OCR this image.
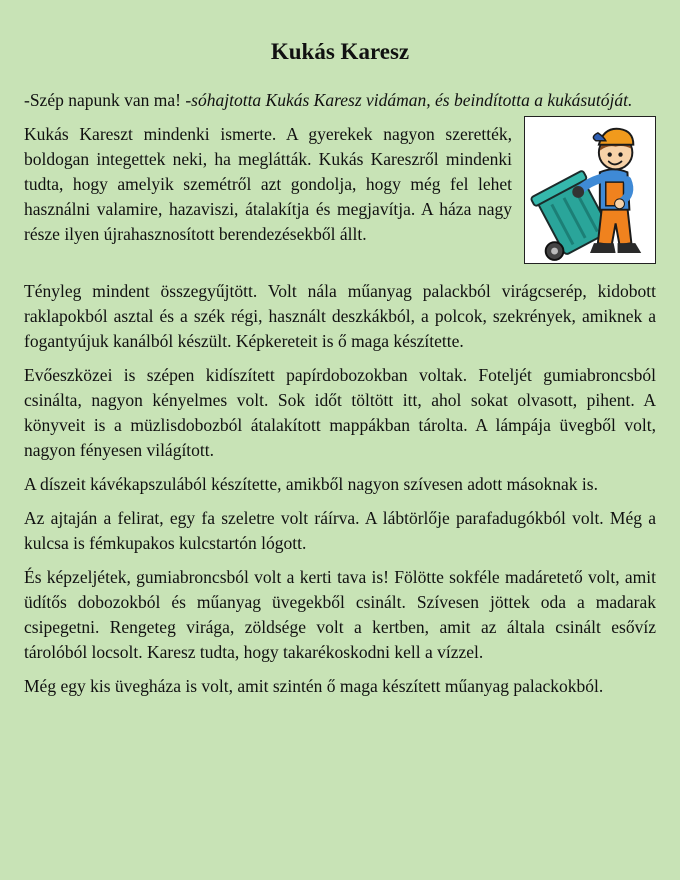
Kukás Karesz

-Szép napunk van ma! -sóhajtotta Kukás Karesz vidáman, és beindította a kukásutóját.

Kukás Kareszt mindenki ismerte. A gyerekek nagyon szerették, boldogan integettek neki, ha meglátták. Kukás Kareszről mindenki tudta, hogy amelyik szemétről azt gondolja, hogy még fel lehet használni valamire, hazaviszi, átalakítja és megjavítja. A háza nagy része ilyen újrahasznosított berendezésekből állt.

Tényleg mindent összegyűjtött. Volt nála műanyag palackból virágcserép, kidobott raklapokból asztal és a szék régi, használt deszkákból, a polcok, szekrények, amiknek a fogantyújuk kanálból készült. Képkereteit is ő maga készítette.

Evőeszközei is szépen kidíszített papírdobozokban voltak. Foteljét gumiabroncsból csinálta, nagyon kényelmes volt. Sok időt töltött itt, ahol sokat olvasott, pihent. A könyveit is a müzlisdobozból átalakított mappákban tárolta. A lámpája üvegből volt, nagyon fényesen világított.

A díszeit kávékapszulából készítette, amikből nagyon szívesen adott másoknak is.

Az ajtaján a felirat, egy fa szeletre volt ráírva. A lábtörlője parafadugókból volt. Még a kulcsa is fémkupakos kulcstartón lógott.

És képzeljétek, gumiabroncsból volt a kerti tava is! Fölötte sokféle madáretető volt, amit üdítős dobozokból és műanyag üvegekből csinált. Szívesen jöttek oda a madarak csipegetni. Rengeteg virága, zöldsége volt a kertben, amit az általa csinált esővíz tárolóból locsolt. Karesz tudta, hogy takarékoskodni kell a vízzel.

Még egy kis üvegháza is volt, amit szintén ő maga készített műanyag palackokból.
